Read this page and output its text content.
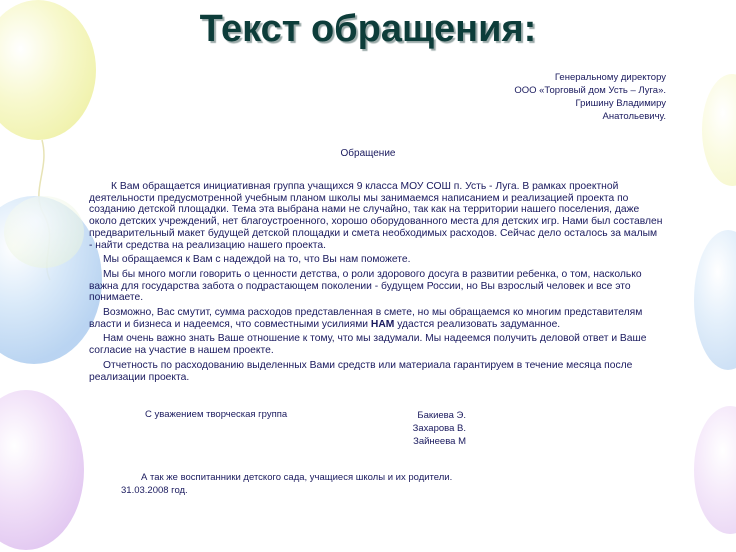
Текст обращения:
Генеральному директору
ООО «Торговый дом Усть – Луга».
Гришину Владимиру
Анатольевичу.
Обращение

К Вам обращается инициативная группа учащихся 9 класса МОУ СОШ п. Усть - Луга. В рамках проектной деятельности предусмотренной учебным планом школы мы занимаемся написанием и реализацией проекта по созданию детской площадки. Тема эта выбрана нами не случайно, так как на территории нашего поселения, даже около детских учреждений, нет благоустроенного, хорошо оборудованного места для детских игр. Нами был составлен предварительный макет будущей детской площадки и смета необходимых расходов. Сейчас дело осталось за малым - найти средства на реализацию нашего проекта.

Мы обращаемся к Вам с надеждой на то, что Вы нам поможете.

Мы бы много могли говорить о ценности детства, о роли здорового досуга в развитии ребенка, о том, насколько важна для государства забота о подрастающем поколении - будущем России, но Вы взрослый человек и все это понимаете.

Возможно, Вас смутит, сумма расходов представленная в смете, но мы обращаемся ко многим представителям власти и бизнеса и надеемся, что совместными усилиями НАМ удастся реализовать задуманное.

Нам очень важно знать Ваше отношение к тому, что мы задумали. Мы надеемся получить деловой ответ и Ваше согласие на участие в нашем проекте.

Отчетность по расходованию выделенных Вами средств или материала гарантируем в течение месяца после реализации проекта.

С уважением творческая группа	Бакиева Э.
Захарова В.
Зайнеева М
А так же воспитанники детского сада, учащиеся школы и их родители.
31.03.2008 год.
